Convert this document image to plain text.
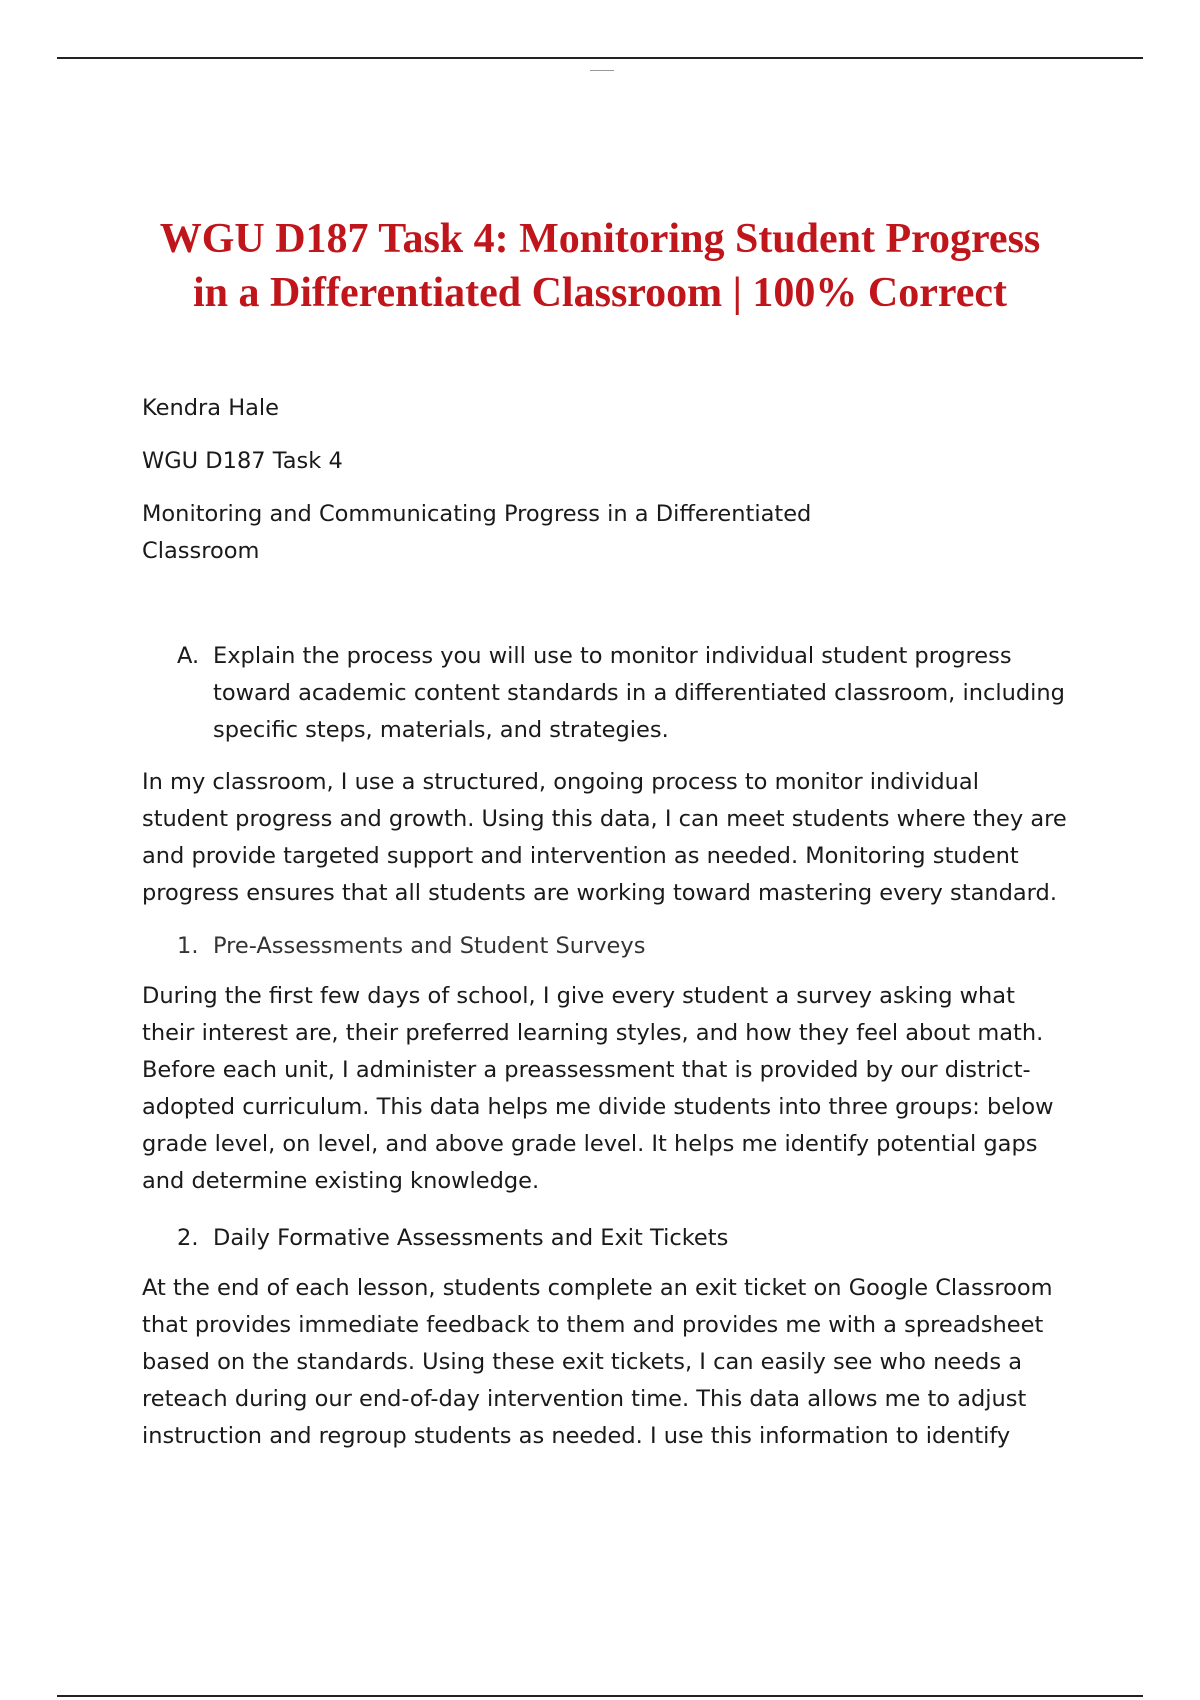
WGU D187 Task 4: Monitoring Student Progress
in a Differentiated Classroom | 100% Correct

Kendra Hale

WGU D187 Task 4

Monitoring and Communicating Progress in a Differentiated Classroom

A. Explain the process you will use to monitor individual student progress toward academic content standards in a differentiated classroom, including specific steps, materials, and strategies.

In my classroom, I use a structured, ongoing process to monitor individual student progress and growth. Using this data, I can meet students where they are and provide targeted support and intervention as needed. Monitoring student progress ensures that all students are working toward mastering every standard.

1. Pre-Assessments and Student Surveys

During the first few days of school, I give every student a survey asking what their interest are, their preferred learning styles, and how they feel about math. Before each unit, I administer a preassessment that is provided by our district-adopted curriculum. This data helps me divide students into three groups: below grade level, on level, and above grade level. It helps me identify potential gaps and determine existing knowledge.

2. Daily Formative Assessments and Exit Tickets

At the end of each lesson, students complete an exit ticket on Google Classroom that provides immediate feedback to them and provides me with a spreadsheet based on the standards. Using these exit tickets, I can easily see who needs a reteach during our end-of-day intervention time. This data allows me to adjust instruction and regroup students as needed. I use this information to identify
